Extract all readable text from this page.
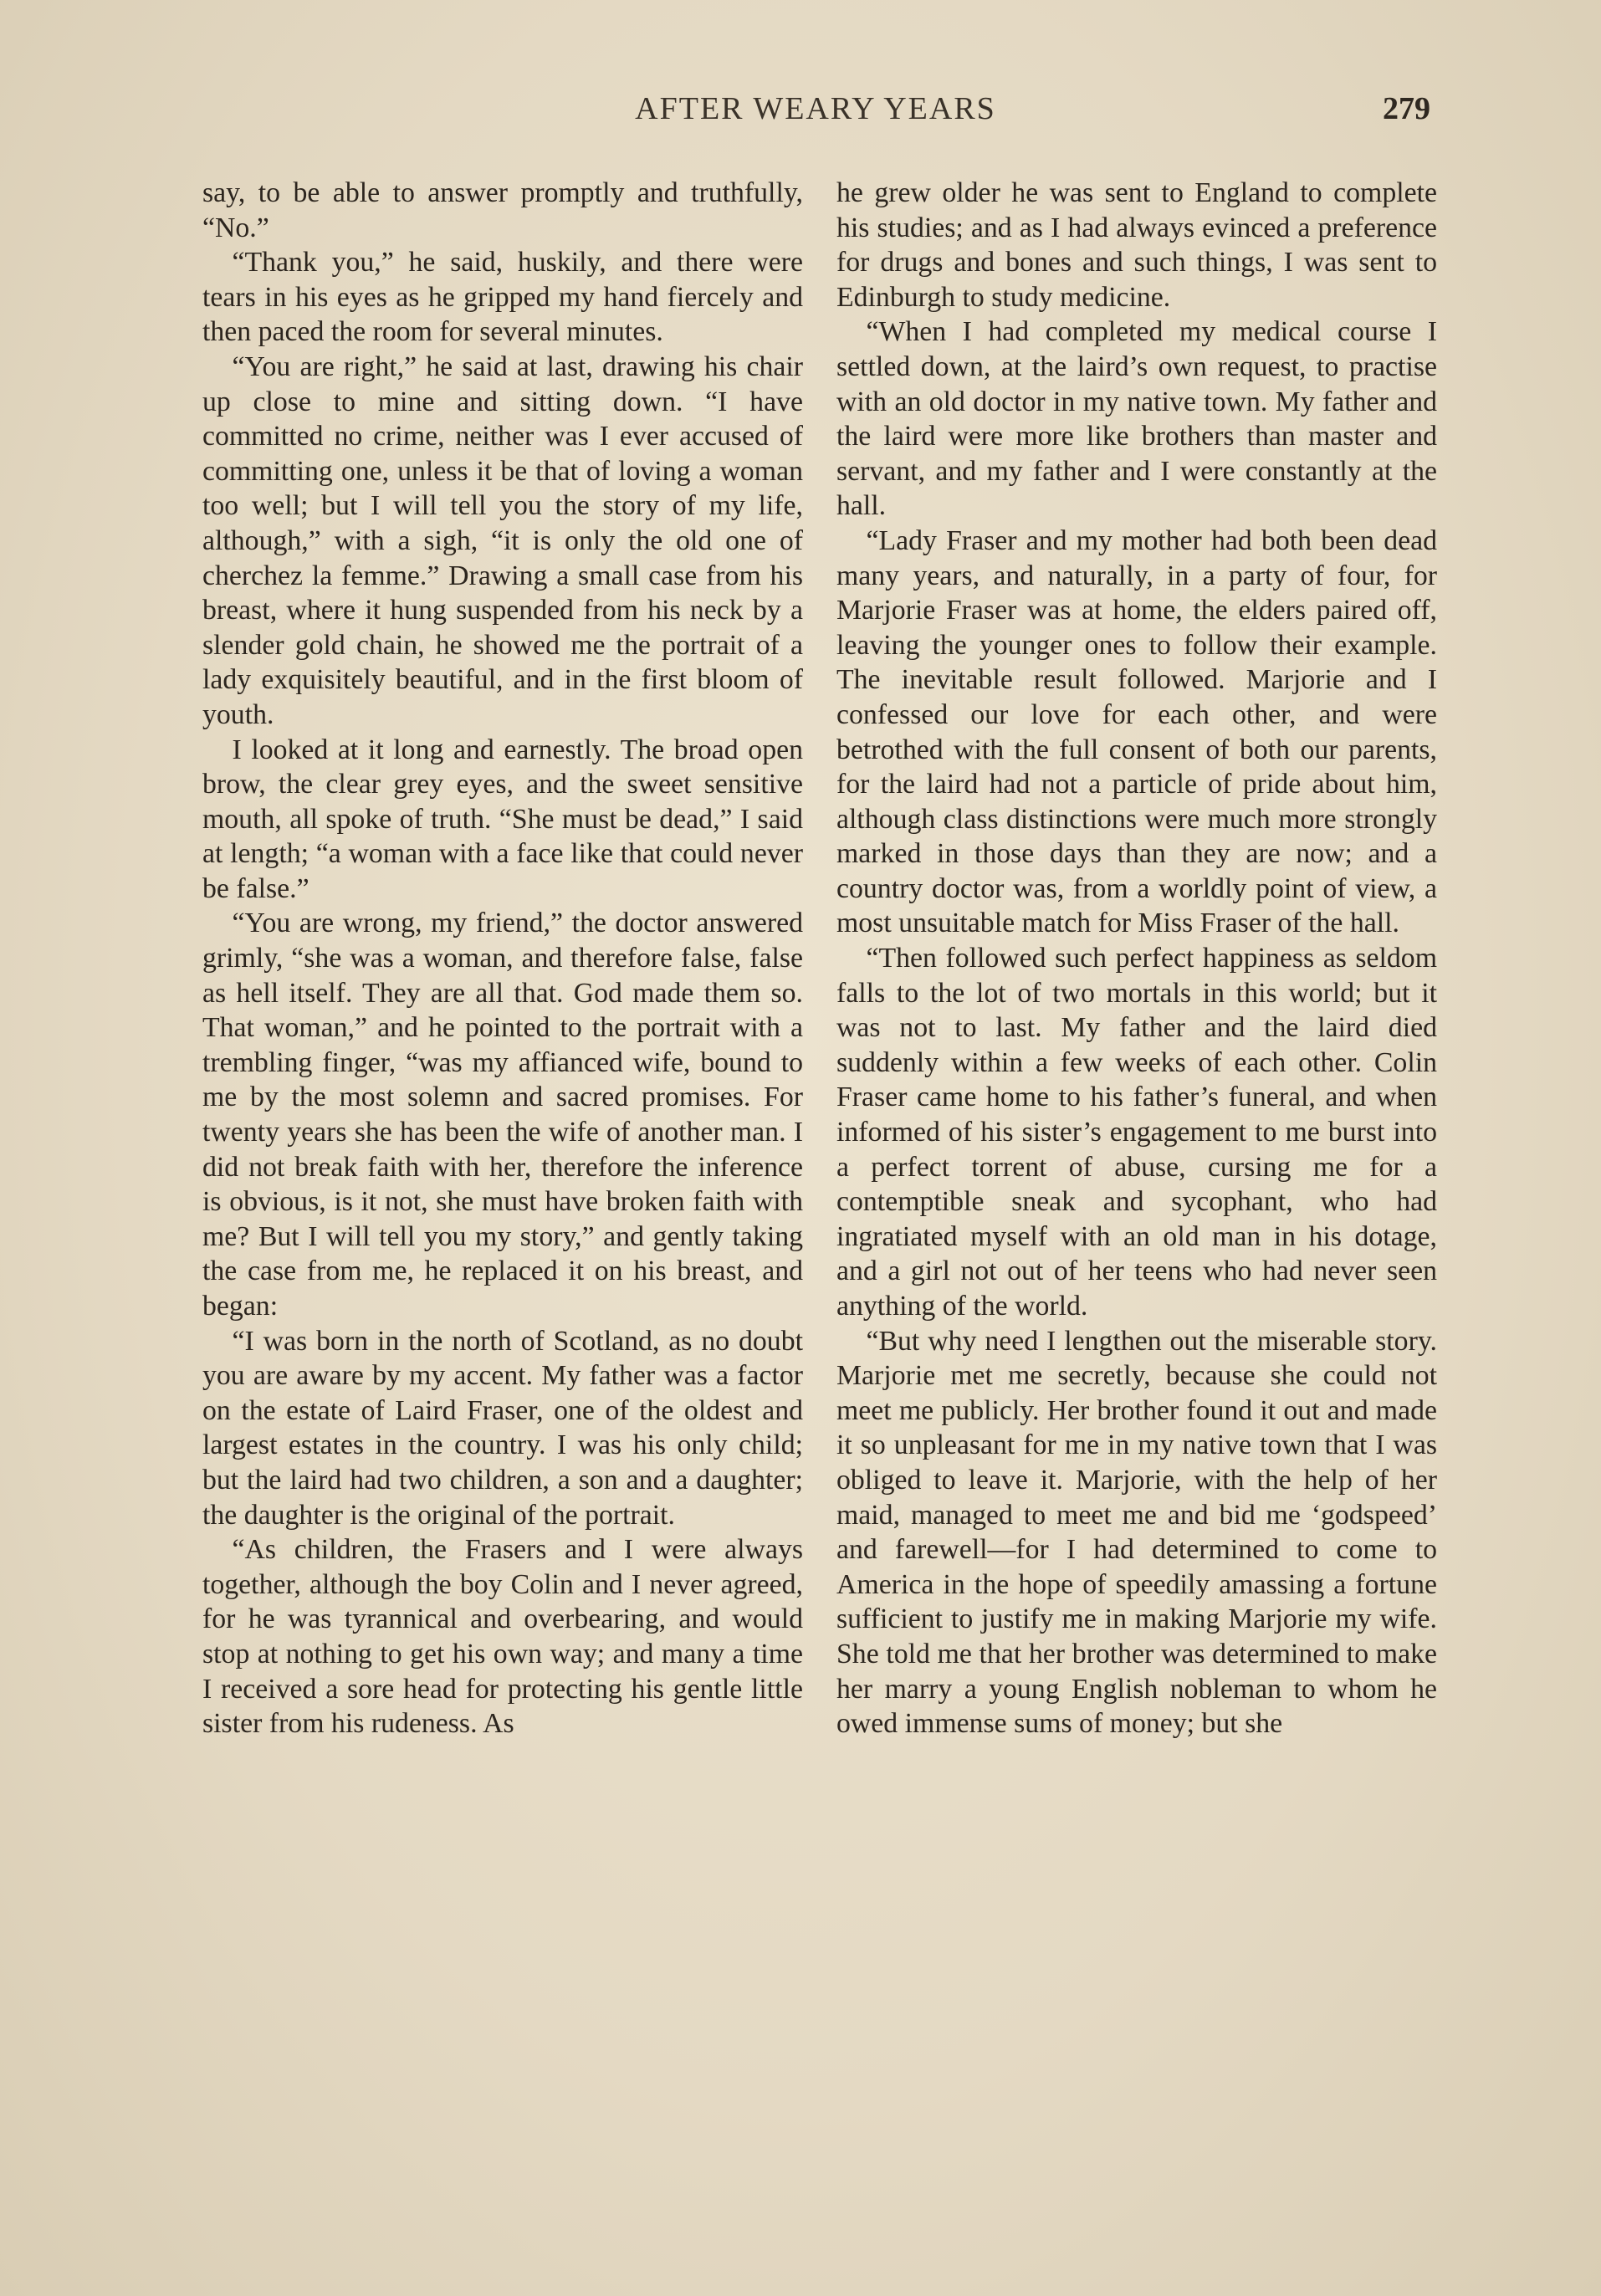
AFTER WEARY YEARS	279

say, to be able to answer promptly and truthfully, “No.”

“Thank you,” he said, huskily, and there were tears in his eyes as he gripped my hand fiercely and then paced the room for several minutes.

“You are right,” he said at last, drawing his chair up close to mine and sitting down. “I have committed no crime, neither was I ever accused of committing one, unless it be that of loving a woman too well; but I will tell you the story of my life, although,” with a sigh, “it is only the old one of cherchez la femme.” Drawing a small case from his breast, where it hung suspended from his neck by a slender gold chain, he showed me the portrait of a lady exquisitely beautiful, and in the first bloom of youth.

I looked at it long and earnestly. The broad open brow, the clear grey eyes, and the sweet sensitive mouth, all spoke of truth. “She must be dead,” I said at length; “a woman with a face like that could never be false.”

“You are wrong, my friend,” the doctor answered grimly, “she was a woman, and therefore false, false as hell itself. They are all that. God made them so. That woman,” and he pointed to the portrait with a trembling finger, “was my affianced wife, bound to me by the most solemn and sacred promises. For twenty years she has been the wife of another man. I did not break faith with her, therefore the inference is obvious, is it not, she must have broken faith with me? But I will tell you my story,” and gently taking the case from me, he replaced it on his breast, and began:

“I was born in the north of Scotland, as no doubt you are aware by my accent. My father was a factor on the estate of Laird Fraser, one of the oldest and largest estates in the country. I was his only child; but the laird had two children, a son and a daughter; the daughter is the original of the portrait.

“As children, the Frasers and I were always together, although the boy Colin and I never agreed, for he was tyrannical and overbearing, and would stop at nothing to get his own way; and many a time I received a sore head for protecting his gentle little sister from his rudeness. As

he grew older he was sent to England to complete his studies; and as I had always evinced a preference for drugs and bones and such things, I was sent to Edinburgh to study medicine.

“When I had completed my medical course I settled down, at the laird’s own request, to practise with an old doctor in my native town. My father and the laird were more like brothers than master and servant, and my father and I were constantly at the hall.

“Lady Fraser and my mother had both been dead many years, and naturally, in a party of four, for Marjorie Fraser was at home, the elders paired off, leaving the younger ones to follow their example. The inevitable result followed. Marjorie and I confessed our love for each other, and were betrothed with the full consent of both our parents, for the laird had not a particle of pride about him, although class distinctions were much more strongly marked in those days than they are now; and a country doctor was, from a worldly point of view, a most unsuitable match for Miss Fraser of the hall.

“Then followed such perfect happiness as seldom falls to the lot of two mortals in this world; but it was not to last. My father and the laird died suddenly within a few weeks of each other. Colin Fraser came home to his father’s funeral, and when informed of his sister’s engagement to me burst into a perfect torrent of abuse, cursing me for a contemptible sneak and sycophant, who had ingratiated myself with an old man in his dotage, and a girl not out of her teens who had never seen anything of the world.

“But why need I lengthen out the miserable story. Marjorie met me secretly, because she could not meet me publicly. Her brother found it out and made it so unpleasant for me in my native town that I was obliged to leave it. Marjorie, with the help of her maid, managed to meet me and bid me ‘godspeed’ and farewell—for I had determined to come to America in the hope of speedily amassing a fortune sufficient to justify me in making Marjorie my wife. She told me that her brother was determined to make her marry a young English nobleman to whom he owed immense sums of money; but she
